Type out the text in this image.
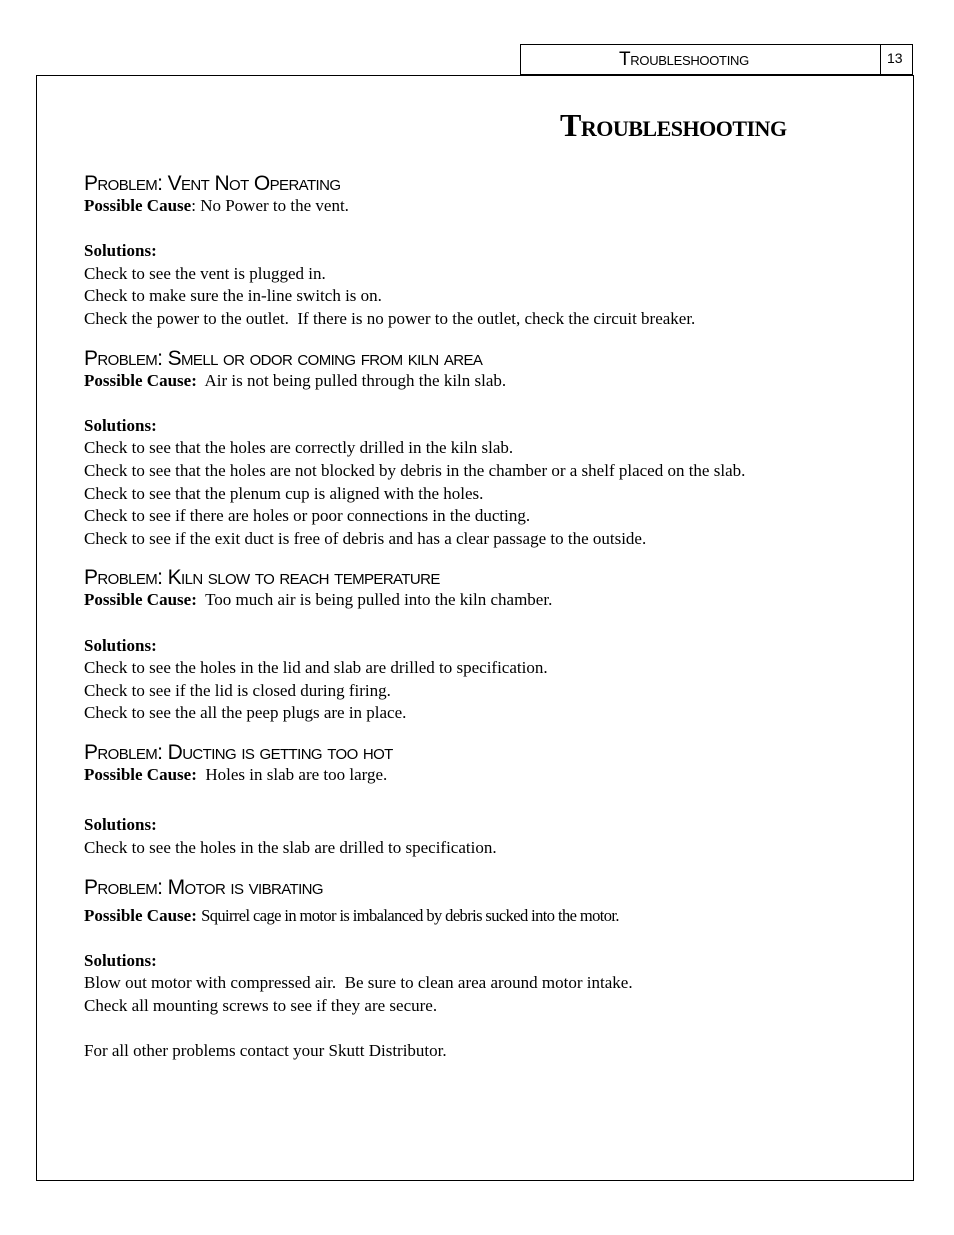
Troubleshooting	13
Troubleshooting

Problem: Vent Not Operating

Possible Cause: No Power to the vent.

Solutions:

Check to see the vent is plugged in.

Check to make sure the in-line switch is on.

Check the power to the outlet.  If there is no power to the outlet, check the circuit breaker.

Problem: Smell or odor coming from kiln area

Possible Cause: Air is not being pulled through the kiln slab.

Solutions:

Check to see that the holes are correctly drilled in the kiln slab.

Check to see that the holes are not blocked by debris in the chamber or a shelf placed on the slab.

Check to see that the plenum cup is aligned with the holes.

Check to see if there are holes or poor connections in the ducting.

Check to see if the exit duct is free of debris and has a clear passage to the outside.

Problem: Kiln slow to reach temperature

Possible Cause: Too much air is being pulled into the kiln chamber.

Solutions:

Check to see the holes in the lid and slab are drilled to specification.

Check to see if the lid is closed during firing.

Check to see the all the peep plugs are in place.

Problem: Ducting is getting too hot

Possible Cause: Holes in slab are too large.

Solutions:

Check to see the holes in the slab are drilled to specification.

Problem: Motor is vibrating

Possible Cause: Squirrel cage in motor is imbalanced by debris sucked into the motor.

Solutions:

Blow out motor with compressed air.  Be sure to clean area around motor intake.

Check all mounting screws to see if they are secure.

For all other problems contact your Skutt Distributor.
